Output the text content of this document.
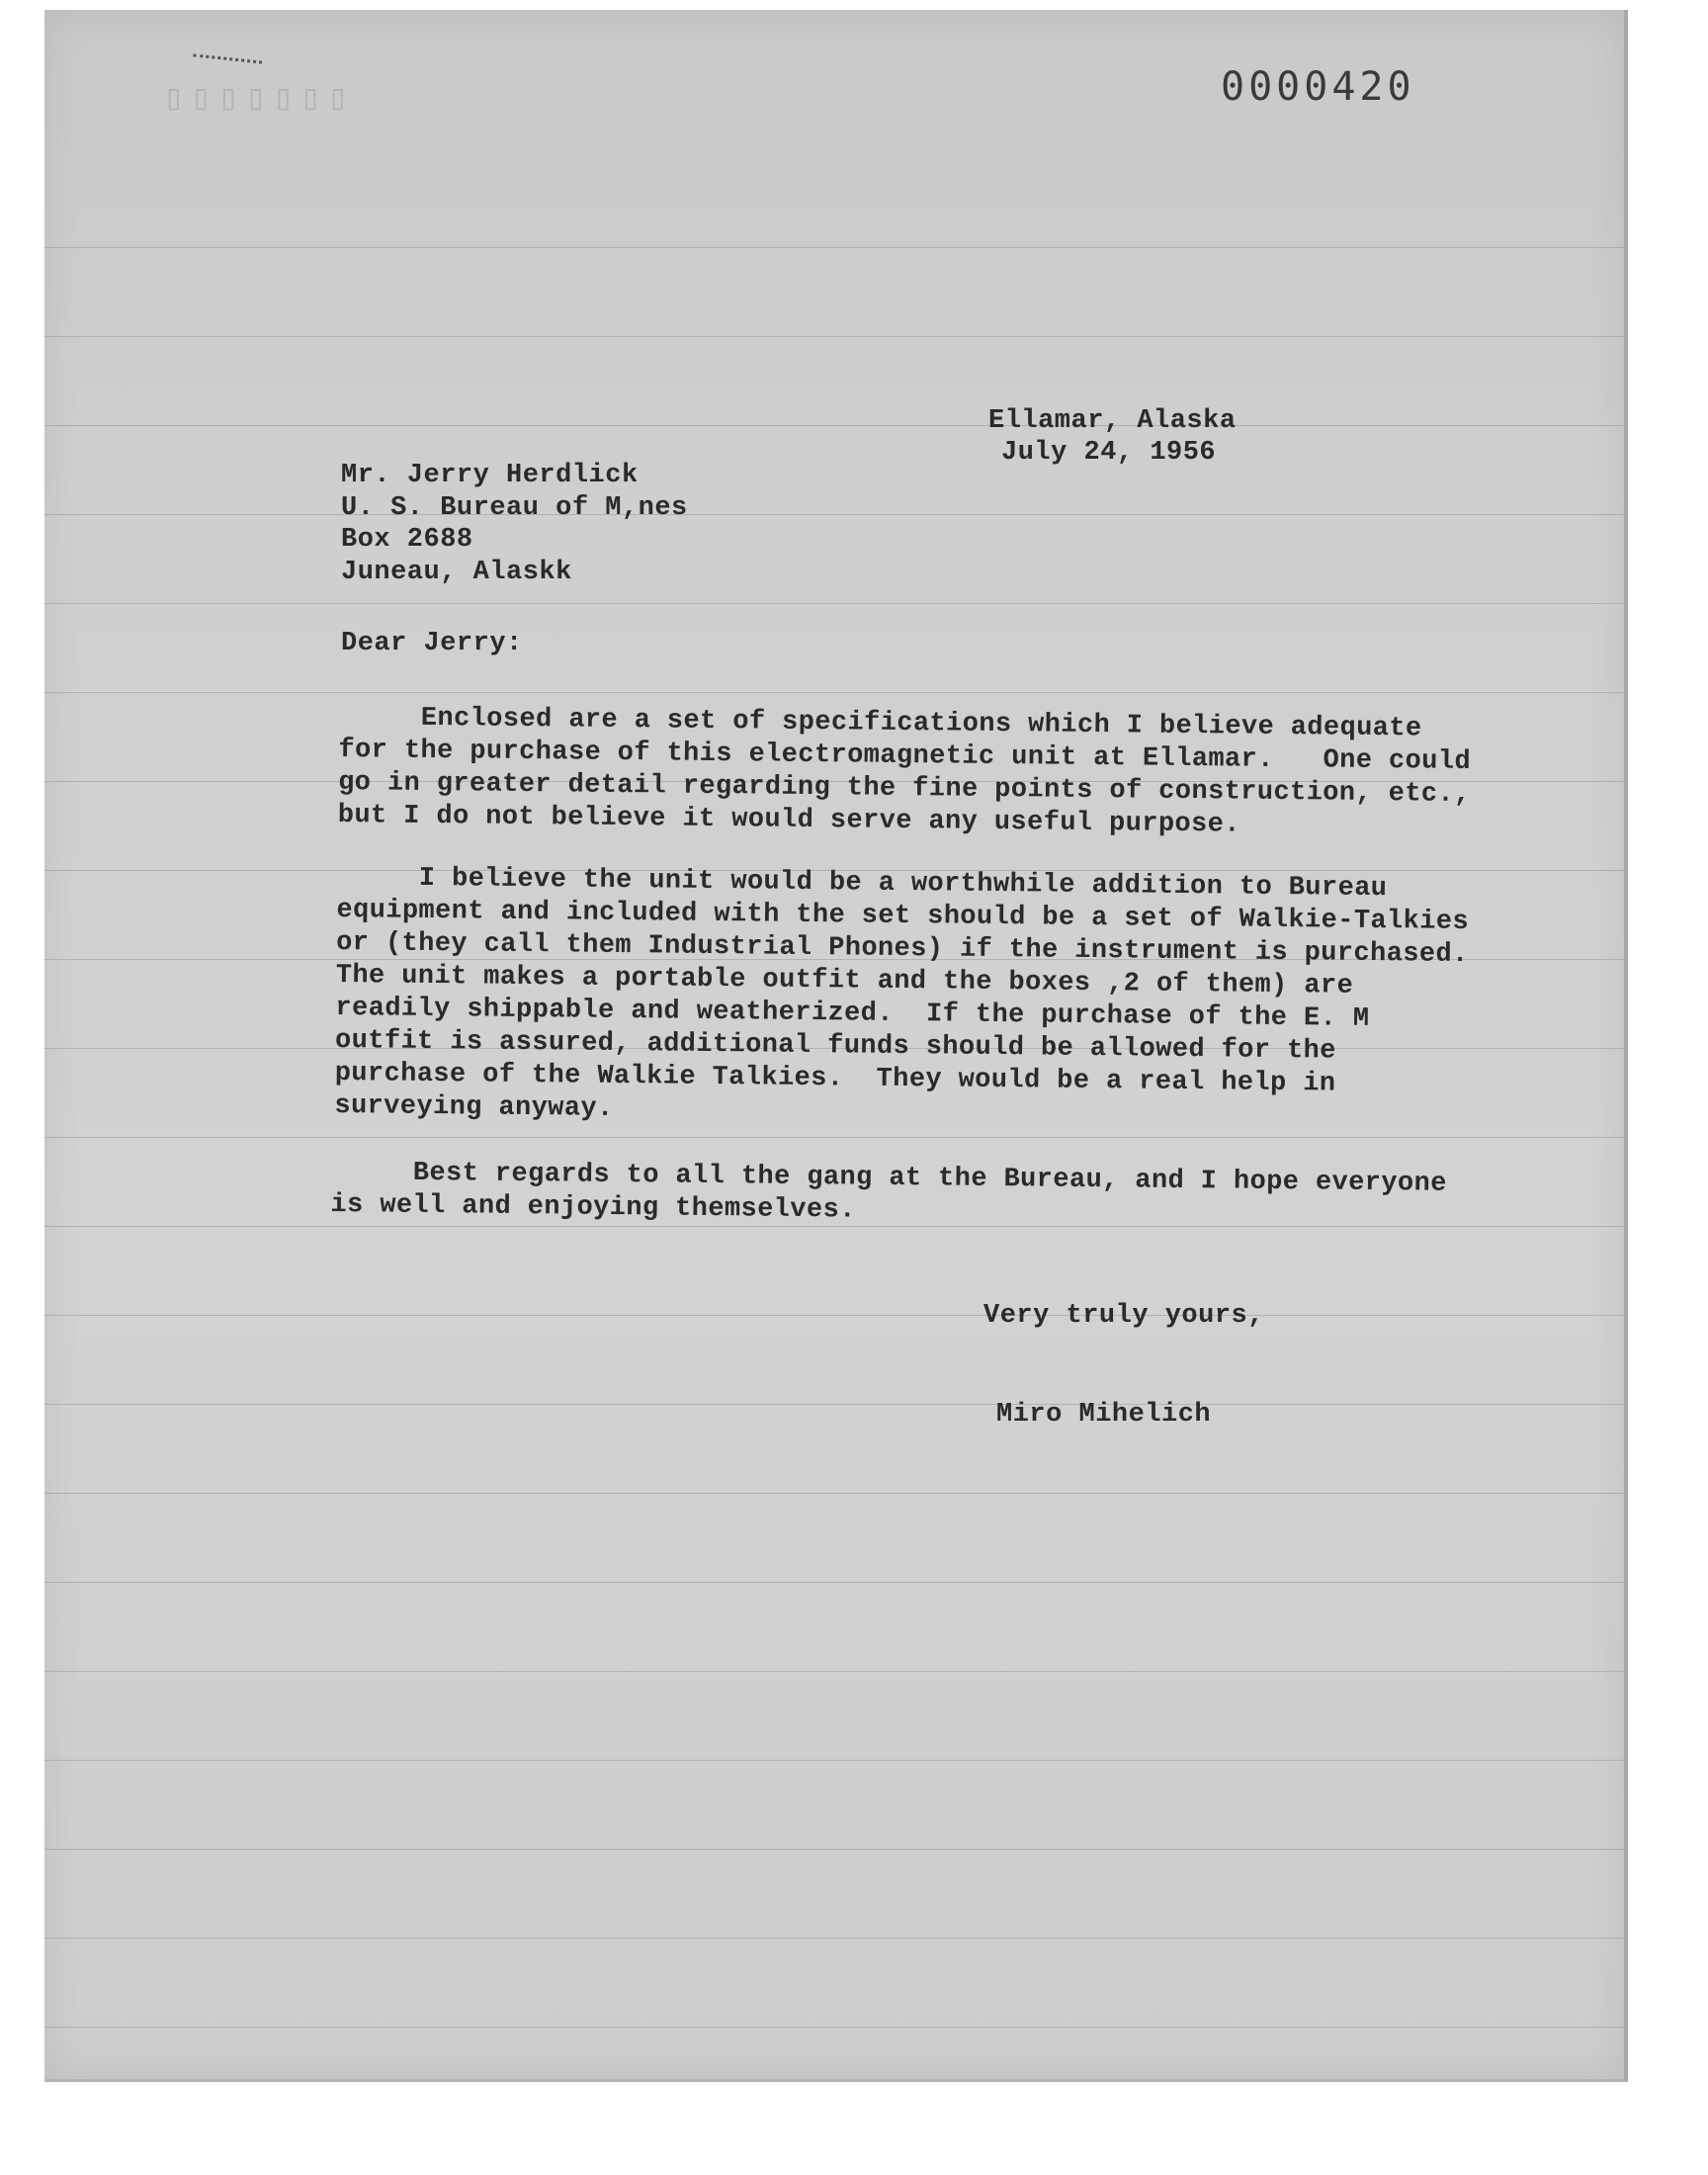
▯▯▯▯▯▯▯	0000420
Ellamar, Alaska
July 24, 1956
Mr. Jerry Herdlick
U. S. Bureau of M,nes
Box 2688
Juneau, Alaskk
Dear Jerry:
Enclosed are a set of specifications which I believe adequate
for the purchase of this electromagnetic unit at Ellamar.   One could
go in greater detail regarding the fine points of construction, etc.,
but I do not believe it would serve any useful purpose.
I believe the unit would be a worthwhile addition to Bureau
equipment and included with the set should be a set of Walkie-Talkies
or (they call them Industrial Phones) if the instrument is purchased.
The unit makes a portable outfit and the boxes ,2 of them) are
readily shippable and weatherized.  If the purchase of the E. M
outfit is assured, additional funds should be allowed for the
purchase of the Walkie Talkies.  They would be a real help in
surveying anyway.
Best regards to all the gang at the Bureau, and I hope everyone
is well and enjoying themselves.
Very truly yours,
Miro Mihelich
